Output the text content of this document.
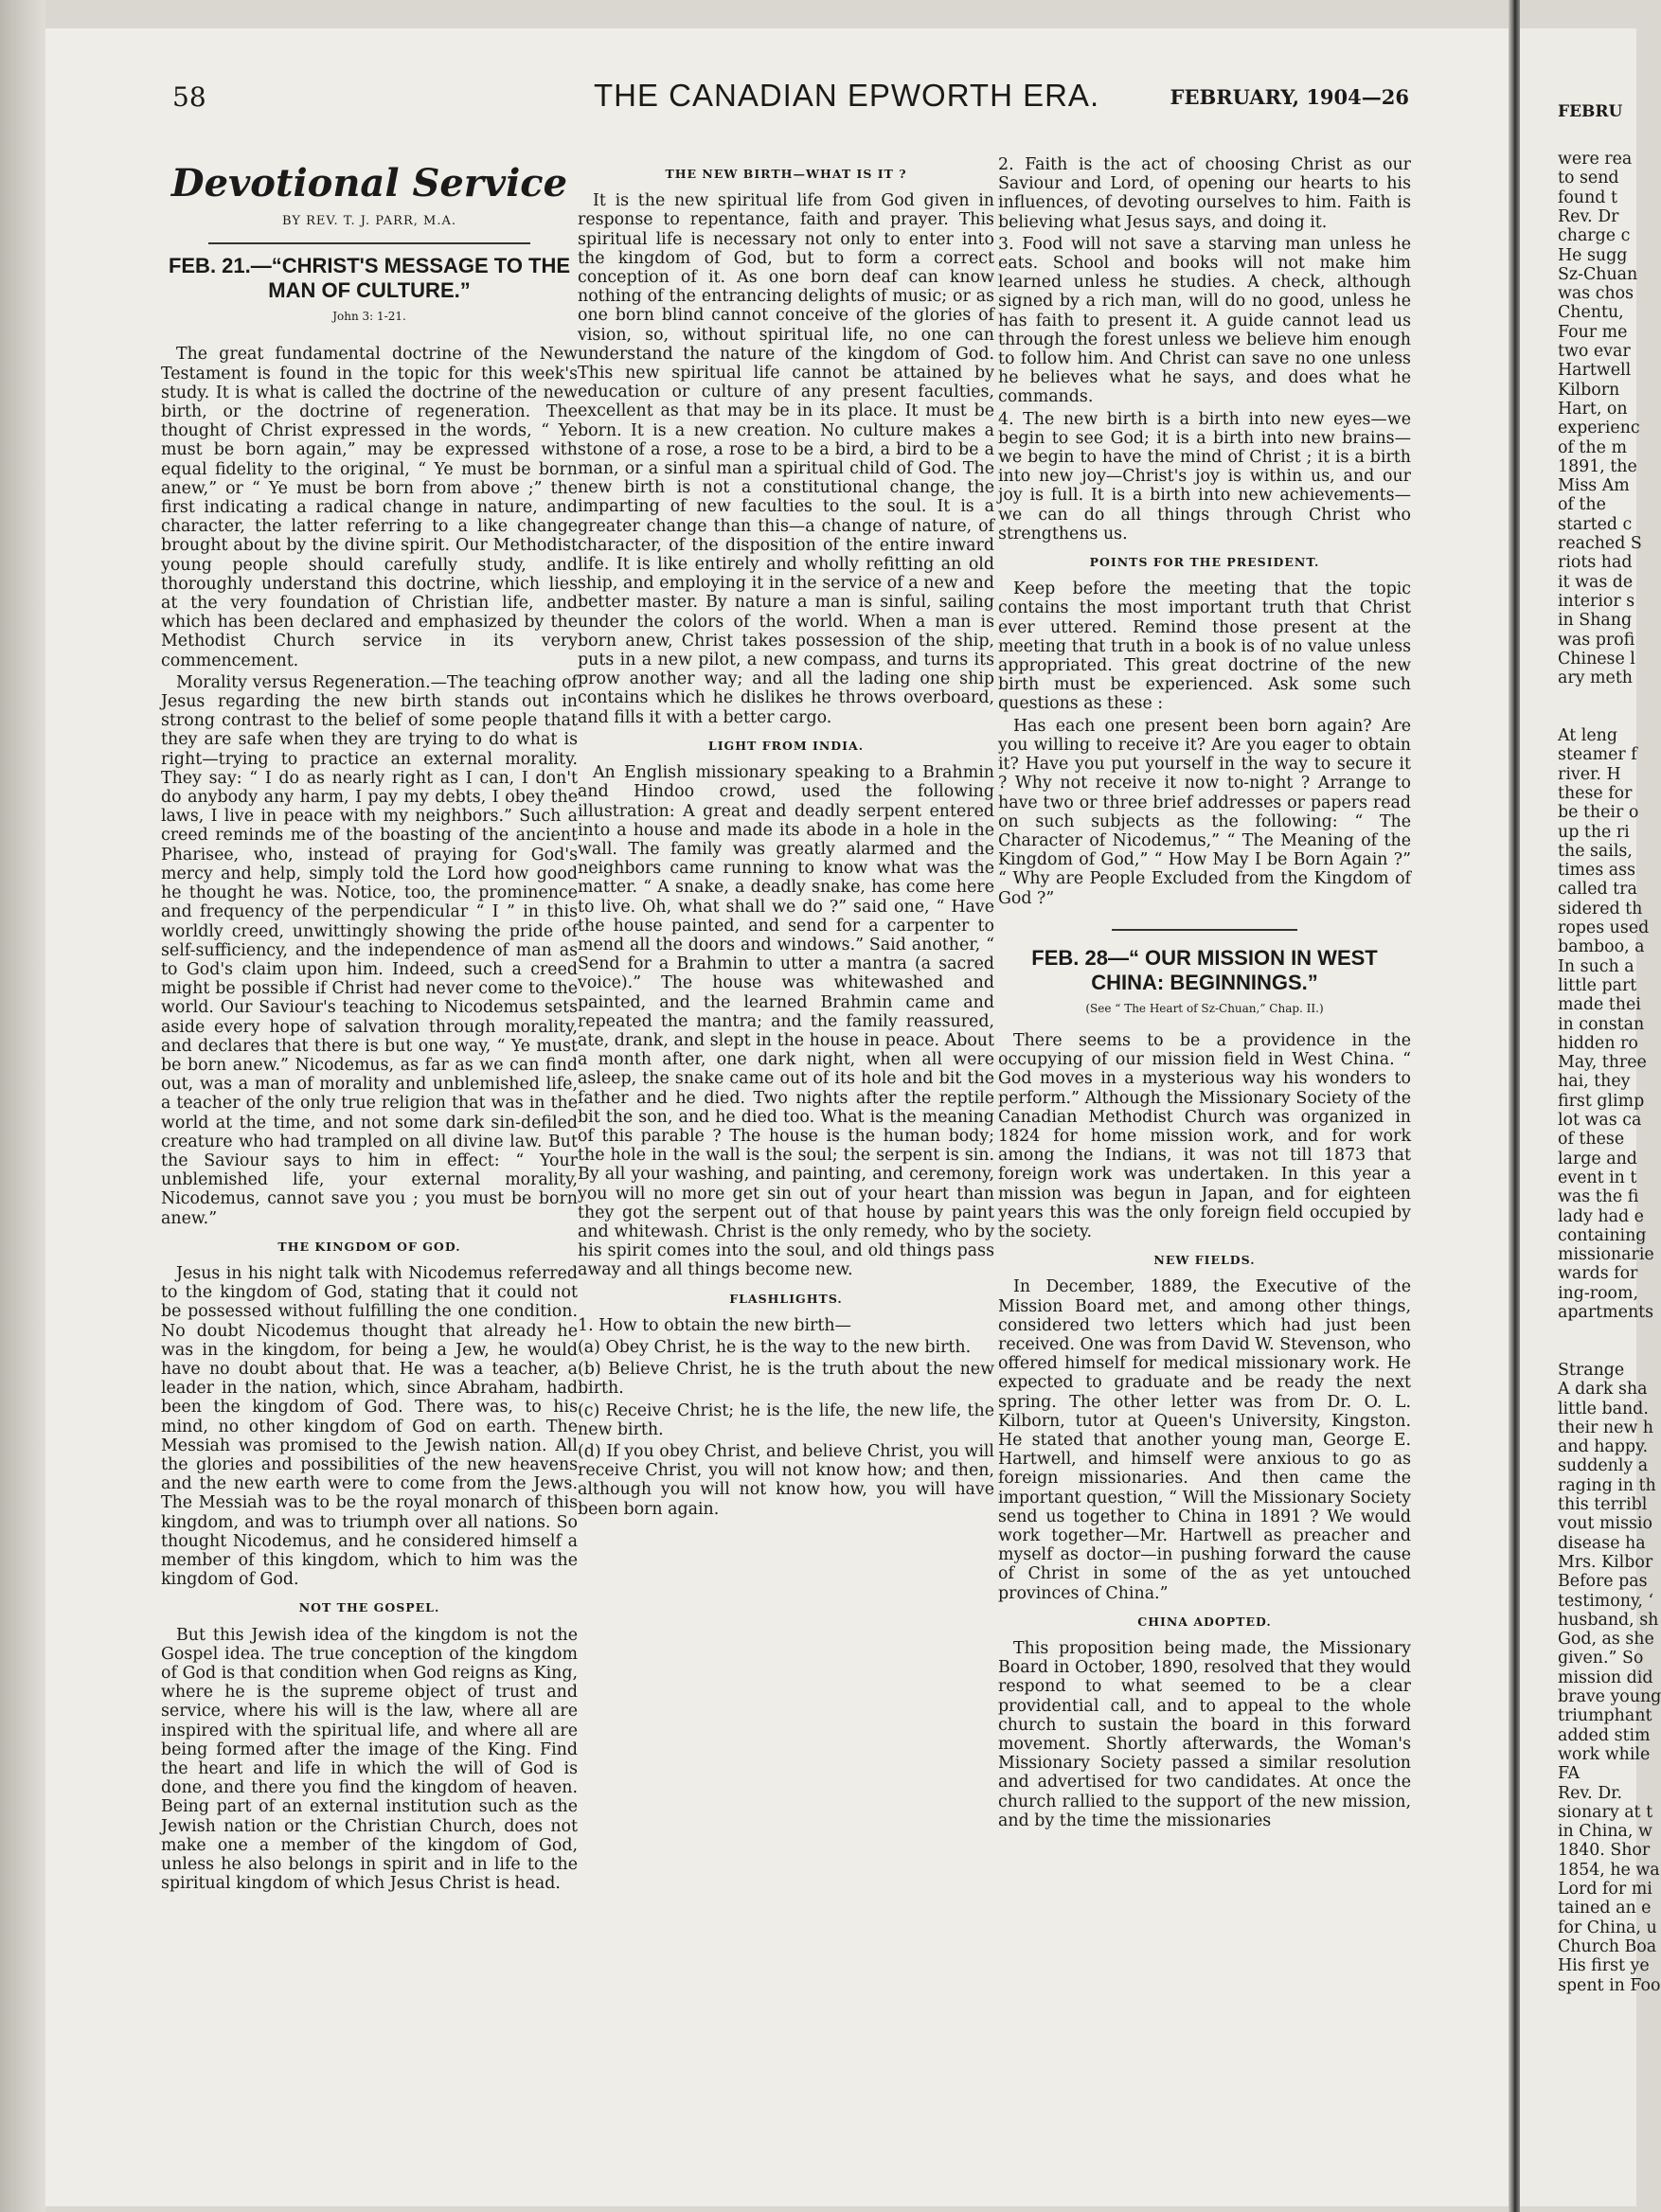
58	THE CANADIAN EPWORTH ERA.	FEBRUARY, 1904—26
Devotional Service
BY REV. T. J. PARR, M.A.
FEB. 21.—“CHRIST'S MESSAGE TO THE MAN OF CULTURE.”
John 3: 1-21.

The great fundamental doctrine of the New Testament is found in the topic for this week's study. It is what is called the doctrine of the new birth, or the doctrine of regeneration. The thought of Christ expressed in the words, “ Ye must be born again,” may be expressed with equal fidelity to the original, “ Ye must be born anew,” or “ Ye must be born from above ;” the first indicating a radical change in nature, and character, the latter referring to a like change brought about by the divine spirit. Our Methodist young people should carefully study, and thoroughly understand this doctrine, which lies at the very foundation of Christian life, and which has been declared and emphasized by the Methodist Church service in its very commencement.

Morality versus Regeneration.—The teaching of Jesus regarding the new birth stands out in strong contrast to the belief of some people that they are safe when they are trying to do what is right—trying to practice an external morality. They say: “ I do as nearly right as I can, I don't do anybody any harm, I pay my debts, I obey the laws, I live in peace with my neighbors.” Such a creed reminds me of the boasting of the ancient Pharisee, who, instead of praying for God's mercy and help, simply told the Lord how good he thought he was. Notice, too, the prominence and frequency of the perpendicular “ I ” in this worldly creed, unwittingly showing the pride of self-sufficiency, and the independence of man as to God's claim upon him. Indeed, such a creed might be possible if Christ had never come to the world. Our Saviour's teaching to Nicodemus sets aside every hope of salvation through morality, and declares that there is but one way, “ Ye must be born anew.” Nicodemus, as far as we can find out, was a man of morality and unblemished life, a teacher of the only true religion that was in the world at the time, and not some dark sin-defiled creature who had trampled on all divine law. But the Saviour says to him in effect: “ Your unblemished life, your external morality, Nicodemus, cannot save you ; you must be born anew.”

THE KINGDOM OF GOD.

Jesus in his night talk with Nicodemus referred to the kingdom of God, stating that it could not be possessed without fulfilling the one condition. No doubt Nicodemus thought that already he was in the kingdom, for being a Jew, he would have no doubt about that. He was a teacher, a leader in the nation, which, since Abraham, had been the kingdom of God. There was, to his mind, no other kingdom of God on earth. The Messiah was promised to the Jewish nation. All the glories and possibilities of the new heavens and the new earth were to come from the Jews. The Messiah was to be the royal monarch of this kingdom, and was to triumph over all nations. So thought Nicodemus, and he considered himself a member of this kingdom, which to him was the kingdom of God.

NOT THE GOSPEL.

But this Jewish idea of the kingdom is not the Gospel idea. The true conception of the kingdom of God is that condition when God reigns as King, where he is the supreme object of trust and service, where his will is the law, where all are inspired with the spiritual life, and where all are being formed after the image of the King. Find the heart and life in which the will of God is done, and there you find the kingdom of heaven. Being part of an external institution such as the Jewish nation or the Christian Church, does not make one a member of the kingdom of God, unless he also belongs in spirit and in life to the spiritual kingdom of which Jesus Christ is head.

THE NEW BIRTH—WHAT IS IT ?

It is the new spiritual life from God given in response to repentance, faith and prayer. This spiritual life is necessary not only to enter into the kingdom of God, but to form a correct conception of it. As one born deaf can know nothing of the entrancing delights of music; or as one born blind cannot conceive of the glories of vision, so, without spiritual life, no one can understand the nature of the kingdom of God. This new spiritual life cannot be attained by education or culture of any present faculties, excellent as that may be in its place. It must be born. It is a new creation. No culture makes a stone of a rose, a rose to be a bird, a bird to be a man, or a sinful man a spiritual child of God. The new birth is not a constitutional change, the imparting of new faculties to the soul. It is a greater change than this—a change of nature, of character, of the disposition of the entire inward life. It is like entirely and wholly refitting an old ship, and employing it in the service of a new and better master. By nature a man is sinful, sailing under the colors of the world. When a man is born anew, Christ takes possession of the ship, puts in a new pilot, a new compass, and turns its prow another way; and all the lading one ship contains which he dislikes he throws overboard, and fills it with a better cargo.

LIGHT FROM INDIA.

An English missionary speaking to a Brahmin and Hindoo crowd, used the following illustration: A great and deadly serpent entered into a house and made its abode in a hole in the wall. The family was greatly alarmed and the neighbors came running to know what was the matter. “ A snake, a deadly snake, has come here to live. Oh, what shall we do ?” said one, “ Have the house painted, and send for a carpenter to mend all the doors and windows.” Said another, “ Send for a Brahmin to utter a mantra (a sacred voice).” The house was whitewashed and painted, and the learned Brahmin came and repeated the mantra; and the family reassured, ate, drank, and slept in the house in peace. About a month after, one dark night, when all were asleep, the snake came out of its hole and bit the father and he died. Two nights after the reptile bit the son, and he died too. What is the meaning of this parable ? The house is the human body; the hole in the wall is the soul; the serpent is sin. By all your washing, and painting, and ceremony, you will no more get sin out of your heart than they got the serpent out of that house by paint and whitewash. Christ is the only remedy, who by his spirit comes into the soul, and old things pass away and all things become new.

FLASHLIGHTS.

1. How to obtain the new birth—

(a) Obey Christ, he is the way to the new birth.

(b) Believe Christ, he is the truth about the new birth.

(c) Receive Christ; he is the life, the new life, the new birth.

(d) If you obey Christ, and believe Christ, you will receive Christ, you will not know how; and then, although you will not know how, you will have been born again.

2. Faith is the act of choosing Christ as our Saviour and Lord, of opening our hearts to his influences, of devoting ourselves to him. Faith is believing what Jesus says, and doing it.

3. Food will not save a starving man unless he eats. School and books will not make him learned unless he studies. A check, although signed by a rich man, will do no good, unless he has faith to present it. A guide cannot lead us through the forest unless we believe him enough to follow him. And Christ can save no one unless he believes what he says, and does what he commands.

4. The new birth is a birth into new eyes—we begin to see God; it is a birth into new brains—we begin to have the mind of Christ ; it is a birth into new joy—Christ's joy is within us, and our joy is full. It is a birth into new achievements—we can do all things through Christ who strengthens us.

POINTS FOR THE PRESIDENT.

Keep before the meeting that the topic contains the most important truth that Christ ever uttered. Remind those present at the meeting that truth in a book is of no value unless appropriated. This great doctrine of the new birth must be experienced. Ask some such questions as these :

Has each one present been born again? Are you willing to receive it? Are you eager to obtain it? Have you put yourself in the way to secure it ? Why not receive it now to-night ? Arrange to have two or three brief addresses or papers read on such subjects as the following: “ The Character of Nicodemus,” “ The Meaning of the Kingdom of God,” “ How May I be Born Again ?” “ Why are People Excluded from the Kingdom of God ?”

FEB. 28—“ OUR MISSION IN WEST CHINA: BEGINNINGS.”
(See “ The Heart of Sz-Chuan,” Chap. II.)

There seems to be a providence in the occupying of our mission field in West China. “ God moves in a mysterious way his wonders to perform.” Although the Missionary Society of the Canadian Methodist Church was organized in 1824 for home mission work, and for work among the Indians, it was not till 1873 that foreign work was undertaken. In this year a mission was begun in Japan, and for eighteen years this was the only foreign field occupied by the society.

NEW FIELDS.

In December, 1889, the Executive of the Mission Board met, and among other things, considered two letters which had just been received. One was from David W. Stevenson, who offered himself for medical missionary work. He expected to graduate and be ready the next spring. The other letter was from Dr. O. L. Kilborn, tutor at Queen's University, Kingston. He stated that another young man, George E. Hartwell, and himself were anxious to go as foreign missionaries. And then came the important question, “ Will the Missionary Society send us together to China in 1891 ? We would work together—Mr. Hartwell as preacher and myself as doctor—in pushing forward the cause of Christ in some of the as yet untouched provinces of China.”

CHINA ADOPTED.

This proposition being made, the Missionary Board in October, 1890, resolved that they would respond to what seemed to be a clear providential call, and to appeal to the whole church to sustain the board in this forward movement. Shortly afterwards, the Woman's Missionary Society passed a similar resolution and advertised for two candidates. At once the church rallied to the support of the new mission, and by the time the missionaries

FEBRU
were rea
to send
found t
Rev. Dr
charge c
He sugg
Sz-Chuan
was chos
Chentu,
Four me
two evar
Hartwell
Kilborn
Hart, on
experienc
of the m
1891, the
Miss Am
of the
started c
reached S
riots had
it was de
interior s
in Shang
was profi
Chinese l
ary meth
At leng
steamer f
river. H
these for
be their o
up the ri
the sails,
times ass
called tra
sidered th
ropes used
bamboo, a
In such a
little part
made thei
in constan
hidden ro
May, three
hai, they
first glimp
lot was ca
of these
large and
event in t
was the fi
lady had e
containing
missionarie
wards for
ing-room,
apartments
Strange
A dark sha
little band.
their new h
and happy.
suddenly a
raging in th
this terribl
vout missio
disease ha
Mrs. Kilbor
Before pas
testimony, ‘
husband, sh
God, as she
given.” So
mission did
brave young
triumphant
added stim
work while
FA
Rev. Dr.
sionary at t
in China, w
1840. Shor
1854, he wa
Lord for mi
tained an e
for China, u
Church Boa
His first ye
spent in Foo
